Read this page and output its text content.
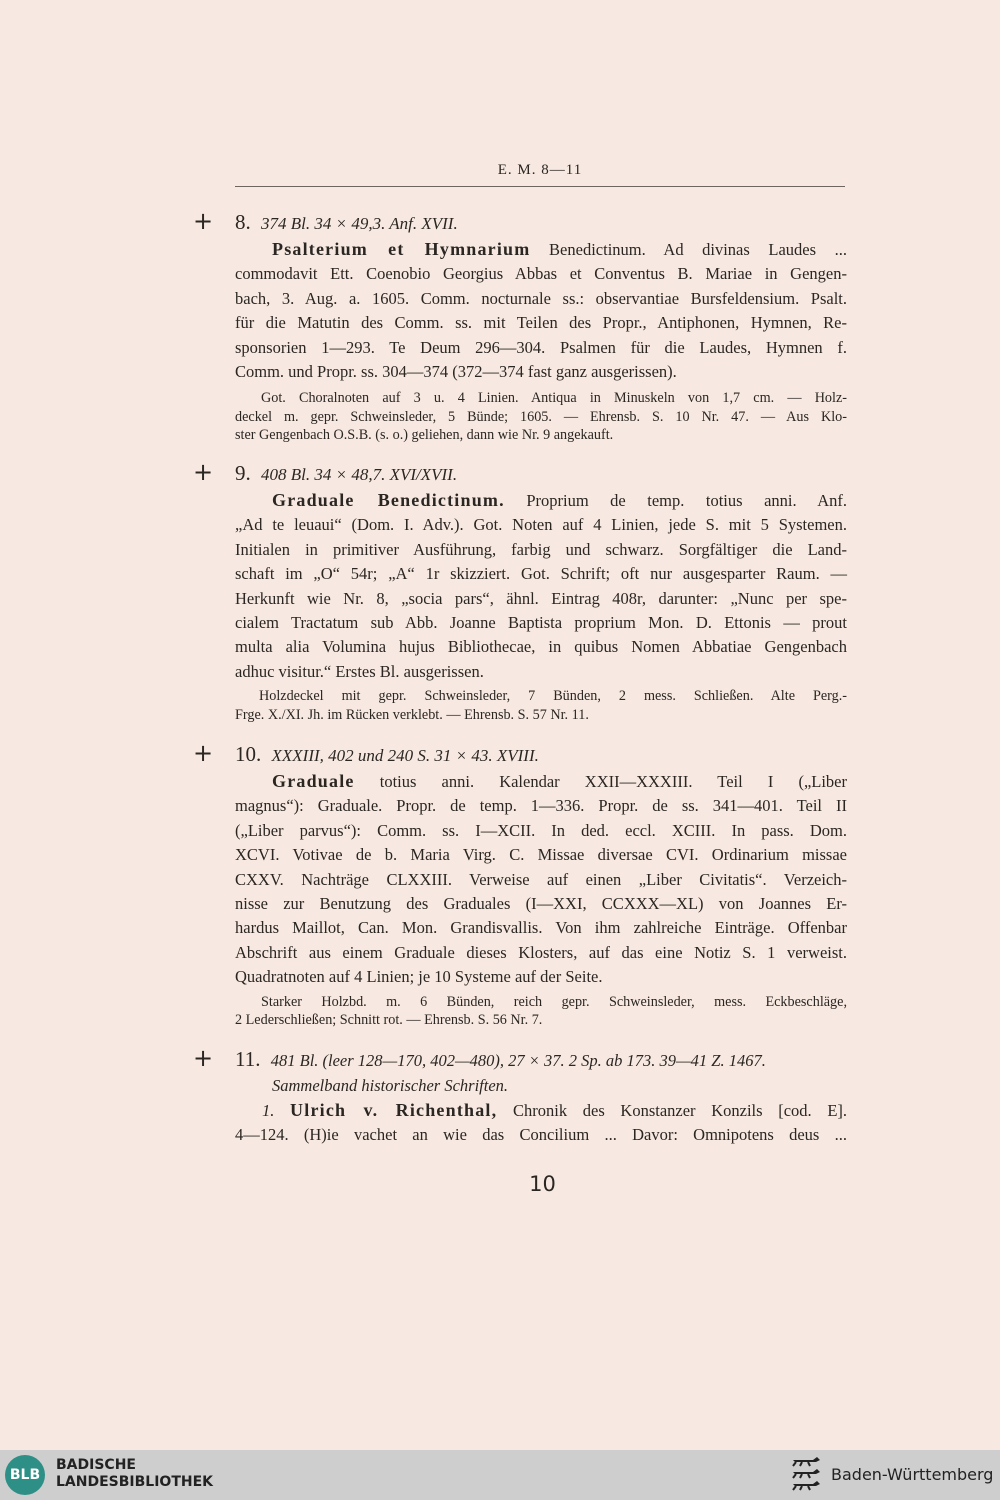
E. M. 8—11
+ 8. 374 Bl. 34 × 49,3. Anf. XVII.
Psalterium et Hymnarium Benedictinum. Ad divinas Laudes ...
commodavit Ett. Coenobio Georgius Abbas et Conventus B. Mariae in Gengen-
bach, 3. Aug. a. 1605. Comm. nocturnale ss.: observantiae Bursfeldensium. Psalt.
für die Matutin des Comm. ss. mit Teilen des Propr., Antiphonen, Hymnen, Re-
sponsorien 1—293. Te Deum 296—304. Psalmen für die Laudes, Hymnen f.
Comm. und Propr. ss. 304—374 (372—374 fast ganz ausgerissen).
Got. Choralnoten auf 3 u. 4 Linien. Antiqua in Minuskeln von 1,7 cm. — Holz-
deckel m. gepr. Schweinsleder, 5 Bünde; 1605. — Ehrensb. S. 10 Nr. 47. — Aus Klo-
ster Gengenbach O.S.B. (s. o.) geliehen, dann wie Nr. 9 angekauft.
+ 9. 408 Bl. 34 × 48,7. XVI/XVII.
Graduale Benedictinum. Proprium de temp. totius anni. Anf.
„Ad te leuaui“ (Dom. I. Adv.). Got. Noten auf 4 Linien, jede S. mit 5 Systemen.
Initialen in primitiver Ausführung, farbig und schwarz. Sorgfältiger die Land-
schaft im „O“ 54r; „A“ 1r skizziert. Got. Schrift; oft nur ausgesparter Raum. —
Herkunft wie Nr. 8, „socia pars“, ähnl. Eintrag 408r, darunter: „Nunc per spe-
cialem Tractatum sub Abb. Joanne Baptista proprium Mon. D. Ettonis — prout
multa alia Volumina hujus Bibliothecae, in quibus Nomen Abbatiae Gengenbach
adhuc visitur.“ Erstes Bl. ausgerissen.
Holzdeckel mit gepr. Schweinsleder, 7 Bünden, 2 mess. Schließen. Alte Perg.-
Frge. X./XI. Jh. im Rücken verklebt. — Ehrensb. S. 57 Nr. 11.
+ 10. XXXIII, 402 und 240 S. 31 × 43. XVIII.
Graduale totius anni. Kalendar XXII—XXXIII. Teil I („Liber
magnus“): Graduale. Propr. de temp. 1—336. Propr. de ss. 341—401. Teil II
(„Liber parvus“): Comm. ss. I—XCII. In ded. eccl. XCIII. In pass. Dom.
XCVI. Votivae de b. Maria Virg. C. Missae diversae CVI. Ordinarium missae
CXXV. Nachträge CLXXIII. Verweise auf einen „Liber Civitatis“. Verzeich-
nisse zur Benutzung des Graduales (I—XXI, CCXXX—XL) von Joannes Er-
hardus Maillot, Can. Mon. Grandisvallis. Von ihm zahlreiche Einträge. Offenbar
Abschrift aus einem Graduale dieses Klosters, auf das eine Notiz S. 1 verweist.
Quadratnoten auf 4 Linien; je 10 Systeme auf der Seite.
Starker Holzbd. m. 6 Bünden, reich gepr. Schweinsleder, mess. Eckbeschläge,
2 Lederschließen; Schnitt rot. — Ehrensb. S. 56 Nr. 7.
+ 11. 481 Bl. (leer 128—170, 402—480), 27 × 37. 2 Sp. ab 173. 39—41 Z. 1467.
Sammelband historischer Schriften.
1. Ulrich v. Richenthal, Chronik des Konstanzer Konzils [cod. E].
4—124. (H)ie vachet an wie das Concilium ... Davor: Omnipotens deus ...
10
BLB
BADISCHE
LANDESBIBLIOTHEK	Baden-Württemberg
